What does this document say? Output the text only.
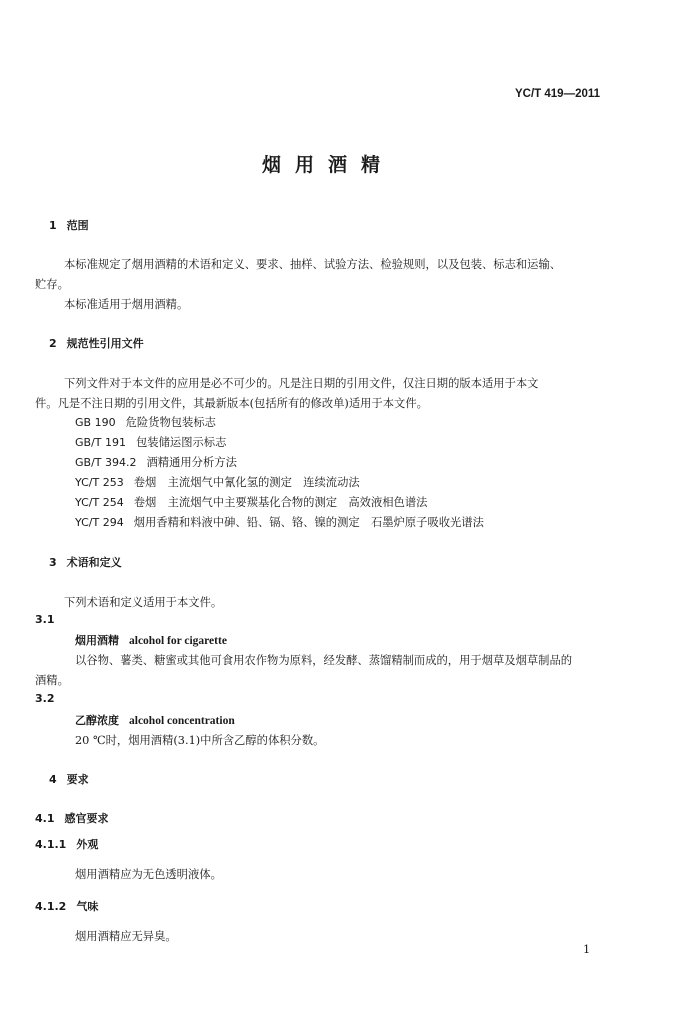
YC/T 419—2011
烟用酒精
1 范围
本标准规定了烟用酒精的术语和定义、要求、抽样、试验方法、检验规则，以及包装、标志和运输、
贮存。
本标准适用于烟用酒精。
2 规范性引用文件
下列文件对于本文件的应用是必不可少的。凡是注日期的引用文件，仅注日期的版本适用于本文
件。凡是不注日期的引用文件，其最新版本(包括所有的修改单)适用于本文件。
GB 190 危险货物包装标志
GB/T 191 包装储运图示标志
GB/T 394.2 酒精通用分析方法
YC/T 253 卷烟　主流烟气中氰化氢的测定　连续流动法
YC/T 254 卷烟　主流烟气中主要羰基化合物的测定　高效液相色谱法
YC/T 294 烟用香精和料液中砷、铅、镉、铬、镍的测定　石墨炉原子吸收光谱法
3 术语和定义
下列术语和定义适用于本文件。
3.1
烟用酒精 alcohol for cigarette
以谷物、薯类、糖蜜或其他可食用农作物为原料，经发酵、蒸馏精制而成的，用于烟草及烟草制品的
酒精。
3.2
乙醇浓度 alcohol concentration
20 ℃时，烟用酒精(3.1)中所含乙醇的体积分数。
4 要求
4.1 感官要求
4.1.1 外观
烟用酒精应为无色透明液体。
4.1.2 气味
烟用酒精应无异臭。
1
